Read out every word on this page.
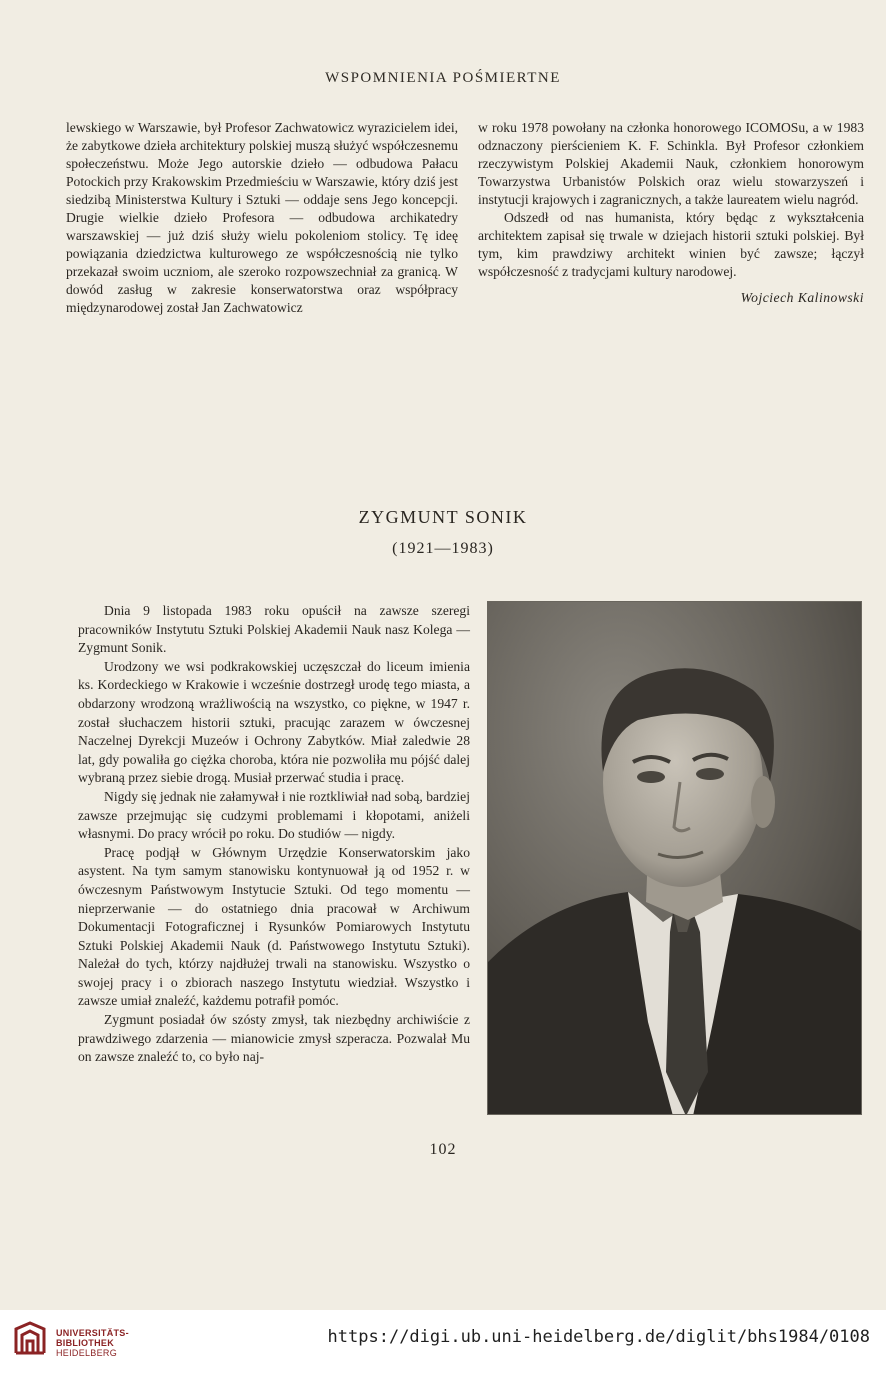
WSPOMNIENIA POŚMIERTNE

lewskiego w Warszawie, był Profesor Zachwatowicz wyrazicielem idei, że zabytkowe dzieła architektury polskiej muszą służyć współczesnemu społeczeństwu. Może Jego autorskie dzieło — odbudowa Pałacu Potockich przy Krakowskim Przedmieściu w Warszawie, który dziś jest siedzibą Ministerstwa Kultury i Sztuki — oddaje sens Jego koncepcji. Drugie wielkie dzieło Profesora — odbudowa archikatedry warszawskiej — już dziś służy wielu pokoleniom stolicy. Tę ideę powiązania dziedzictwa kulturowego ze współczesnością nie tylko przekazał swoim uczniom, ale szeroko rozpowszechniał za granicą. W dowód zasług w zakresie konserwatorstwa oraz współpracy międzynarodowej został Jan Zachwatowicz

w roku 1978 powołany na członka honorowego ICOMOSu, a w 1983 odznaczony pierścieniem K. F. Schinkla. Był Profesor członkiem rzeczywistym Polskiej Akademii Nauk, członkiem honorowym Towarzystwa Urbanistów Polskich oraz wielu stowarzyszeń i instytucji krajowych i zagranicznych, a także laureatem wielu nagród.

Odszedł od nas humanista, który będąc z wykształcenia architektem zapisał się trwale w dziejach historii sztuki polskiej. Był tym, kim prawdziwy architekt winien być zawsze; łączył współczesność z tradycjami kultury narodowej.

Wojciech Kalinowski

ZYGMUNT SONIK
(1921—1983)

Dnia 9 listopada 1983 roku opuścił na zawsze szeregi pracowników Instytutu Sztuki Polskiej Akademii Nauk nasz Kolega — Zygmunt Sonik.

Urodzony we wsi podkrakowskiej uczęszczał do liceum imienia ks. Kordeckiego w Krakowie i wcześnie dostrzegł urodę tego miasta, a obdarzony wrodzoną wrażliwością na wszystko, co piękne, w 1947 r. został słuchaczem historii sztuki, pracując zarazem w ówczesnej Naczelnej Dyrekcji Muzeów i Ochrony Zabytków. Miał zaledwie 28 lat, gdy powaliła go ciężka choroba, która nie pozwoliła mu pójść dalej wybraną przez siebie drogą. Musiał przerwać studia i pracę.

Nigdy się jednak nie załamywał i nie roztkliwiał nad sobą, bardziej zawsze przejmując się cudzymi problemami i kłopotami, aniżeli własnymi. Do pracy wrócił po roku. Do studiów — nigdy.

Pracę podjął w Głównym Urzędzie Konserwatorskim jako asystent. Na tym samym stanowisku kontynuował ją od 1952 r. w ówczesnym Państwowym Instytucie Sztuki. Od tego momentu — nieprzerwanie — do ostatniego dnia pracował w Archiwum Dokumentacji Fotograficznej i Rysunków Pomiarowych Instytutu Sztuki Polskiej Akademii Nauk (d. Państwowego Instytutu Sztuki). Należał do tych, którzy najdłużej trwali na stanowisku. Wszystko o swojej pracy i o zbiorach naszego Instytutu wiedział. Wszystko i zawsze umiał znaleźć, każdemu potrafił pomóc.

Zygmunt posiadał ów szósty zmysł, tak niezbędny archiwiście z prawdziwego zdarzenia — mianowicie zmysł szperacza. Pozwalał Mu on zawsze znaleźć to, co było naj-

102
UNIVERSITÄTS-
BIBLIOTHEK
HEIDELBERG
https://digi.ub.uni-heidelberg.de/diglit/bhs1984/0108
